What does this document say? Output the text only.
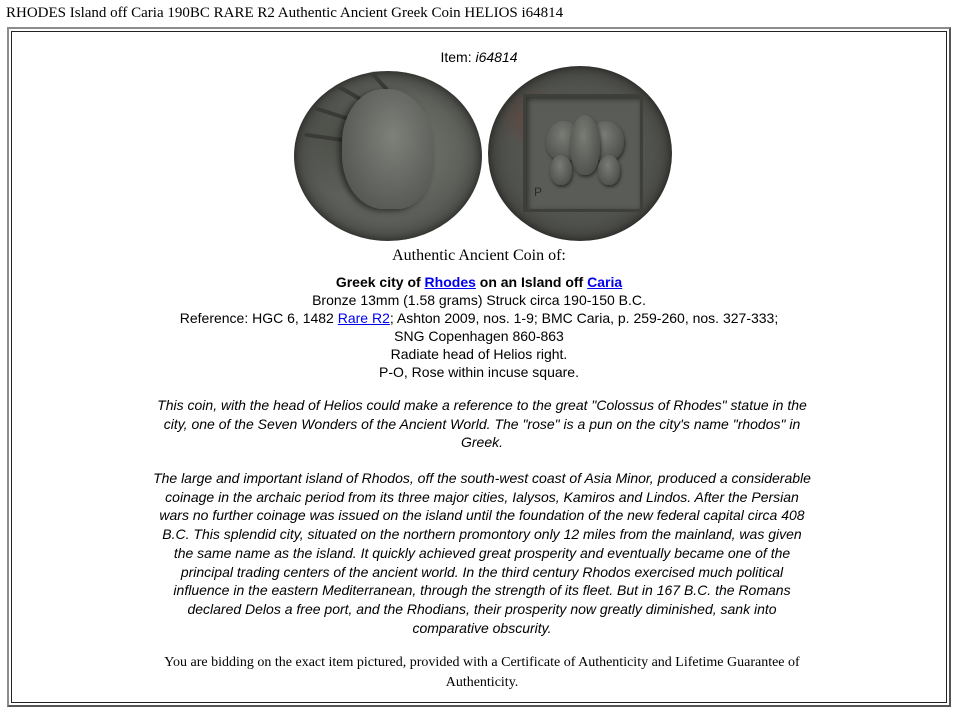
RHODES Island off Caria 190BC RARE R2 Authentic Ancient Greek Coin HELIOS i64814
Item: i64814
P
Authentic Ancient Coin of:
Greek city of Rhodes on an Island off Caria
Bronze 13mm (1.58 grams) Struck circa 190-150 B.C.
Reference: HGC 6, 1482 Rare R2; Ashton 2009, nos. 1-9; BMC Caria, p. 259-260, nos. 327-333;
SNG Copenhagen 860-863
Radiate head of Helios right.
P-O, Rose within incuse square.
This coin, with the head of Helios could make a reference to the great "Colossus of Rhodes" statue in the city, one of the Seven Wonders of the Ancient World. The "rose" is a pun on the city's name "rhodos" in Greek.
The large and important island of Rhodos, off the south-west coast of Asia Minor, produced a considerable coinage in the archaic period from its three major cities, Ialysos, Kamiros and Lindos. After the Persian wars no further coinage was issued on the island until the foundation of the new federal capital circa 408 B.C. This splendid city, situated on the northern promontory only 12 miles from the mainland, was given the same name as the island. It quickly achieved great prosperity and eventually became one of the principal trading centers of the ancient world. In the third century Rhodos exercised much political influence in the eastern Mediterranean, through the strength of its fleet. But in 167 B.C. the Romans declared Delos a free port, and the Rhodians, their prosperity now greatly diminished, sank into comparative obscurity.
You are bidding on the exact item pictured, provided with a Certificate of Authenticity and Lifetime Guarantee of Authenticity.
